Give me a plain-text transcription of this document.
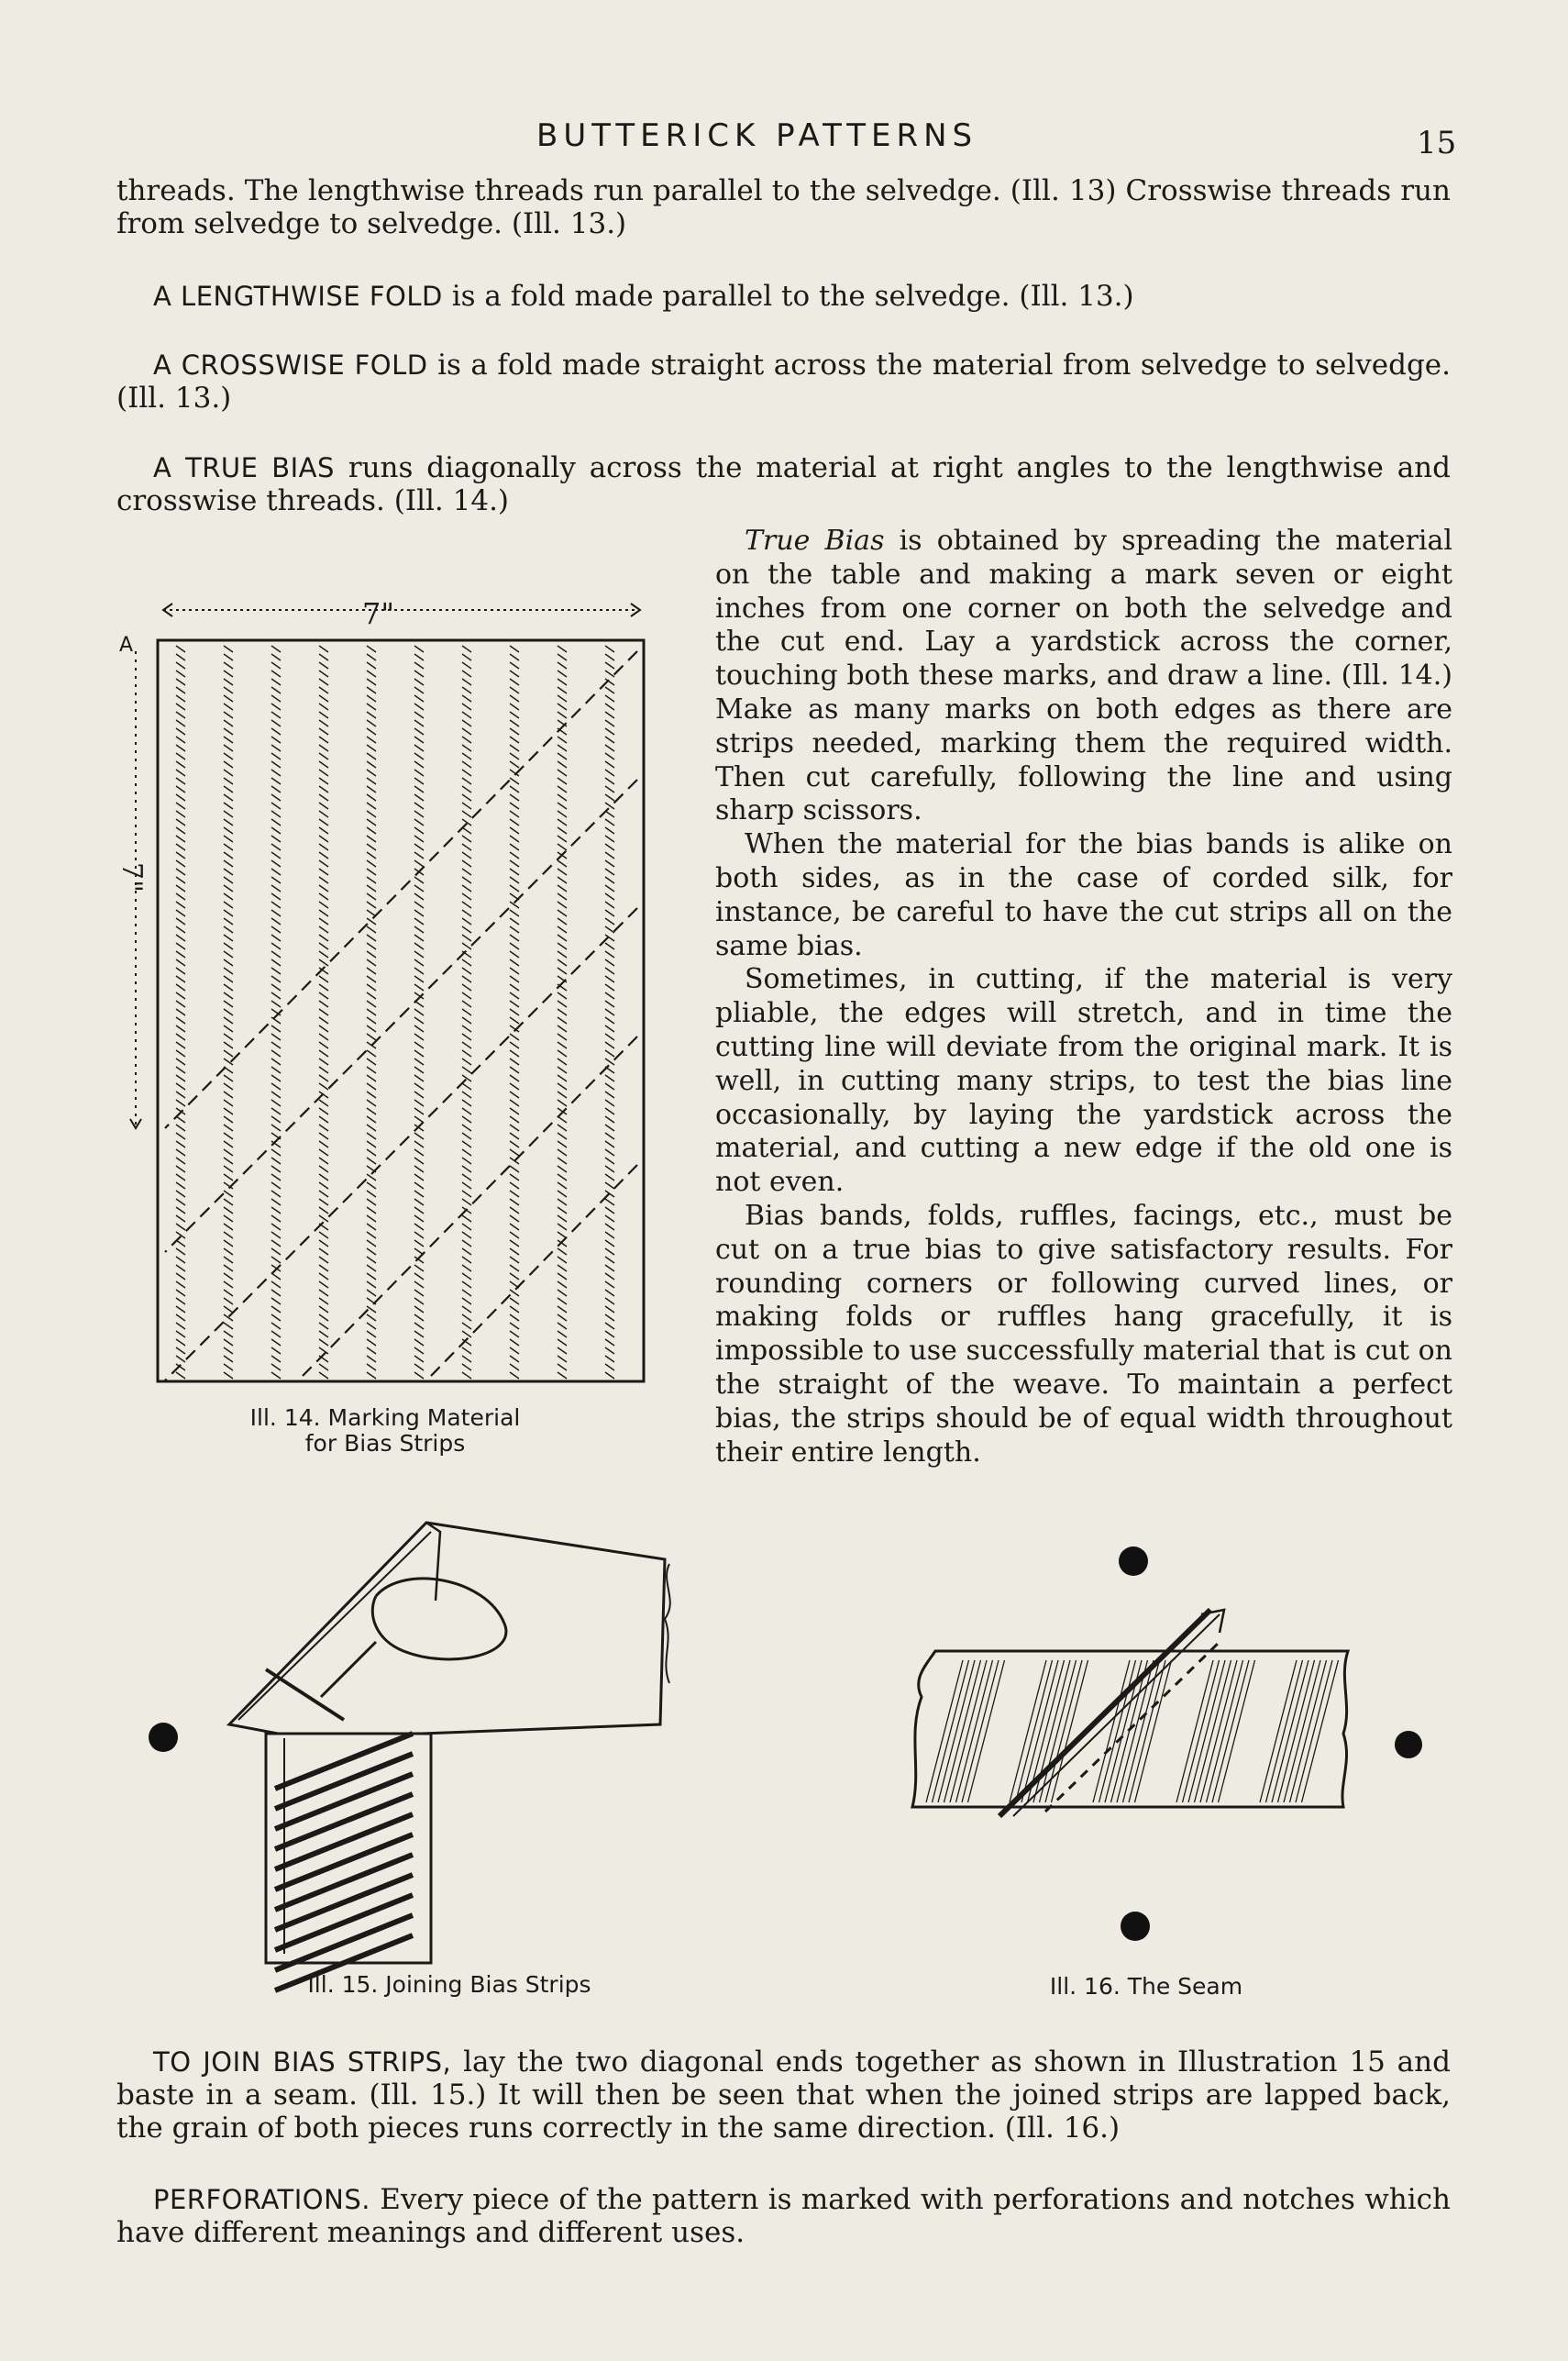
BUTTERICK PATTERNS	15

threads. The lengthwise threads run parallel to the selvedge. (Ill. 13) Crosswise threads run from selvedge to selvedge. (Ill. 13.)

A LENGTHWISE FOLD is a fold made parallel to the selvedge. (Ill. 13.)

A CROSSWISE FOLD is a fold made straight across the material from selvedge to selvedge. (Ill. 13.)

A TRUE BIAS runs diagonally across the material at right angles to the lengthwise and crosswise threads. (Ill. 14.)

True Bias is obtained by spreading the material on the table and making a mark seven or eight inches from one corner on both the selvedge and the cut end. Lay a yardstick across the corner, touching both these marks, and draw a line. (Ill. 14.) Make as many marks on both edges as there are strips needed, marking them the required width. Then cut carefully, following the line and using sharp scissors.

When the material for the bias bands is alike on both sides, as in the case of corded silk, for instance, be careful to have the cut strips all on the same bias.

Sometimes, in cutting, if the material is very pliable, the edges will stretch, and in time the cutting line will deviate from the original mark. It is well, in cutting many strips, to test the bias line occasionally, by laying the yardstick across the material, and cutting a new edge if the old one is not even.

Bias bands, folds, ruffles, facings, etc., must be cut on a true bias to give satisfactory results. For rounding corners or following curved lines, or making folds or ruffles hang gracefully, it is impossible to use successfully material that is cut on the straight of the weave. To maintain a perfect bias, the strips should be of equal width throughout their entire length.

7"
7"
A
Ill. 14. Marking Material
for Bias Strips
Ill. 15. Joining Bias Strips	Ill. 16. The Seam

TO JOIN BIAS STRIPS, lay the two diagonal ends together as shown in Illustration 15 and baste in a seam. (Ill. 15.) It will then be seen that when the joined strips are lapped back, the grain of both pieces runs correctly in the same direction. (Ill. 16.)

PERFORATIONS. Every piece of the pattern is marked with perforations and notches which have different meanings and different uses.
